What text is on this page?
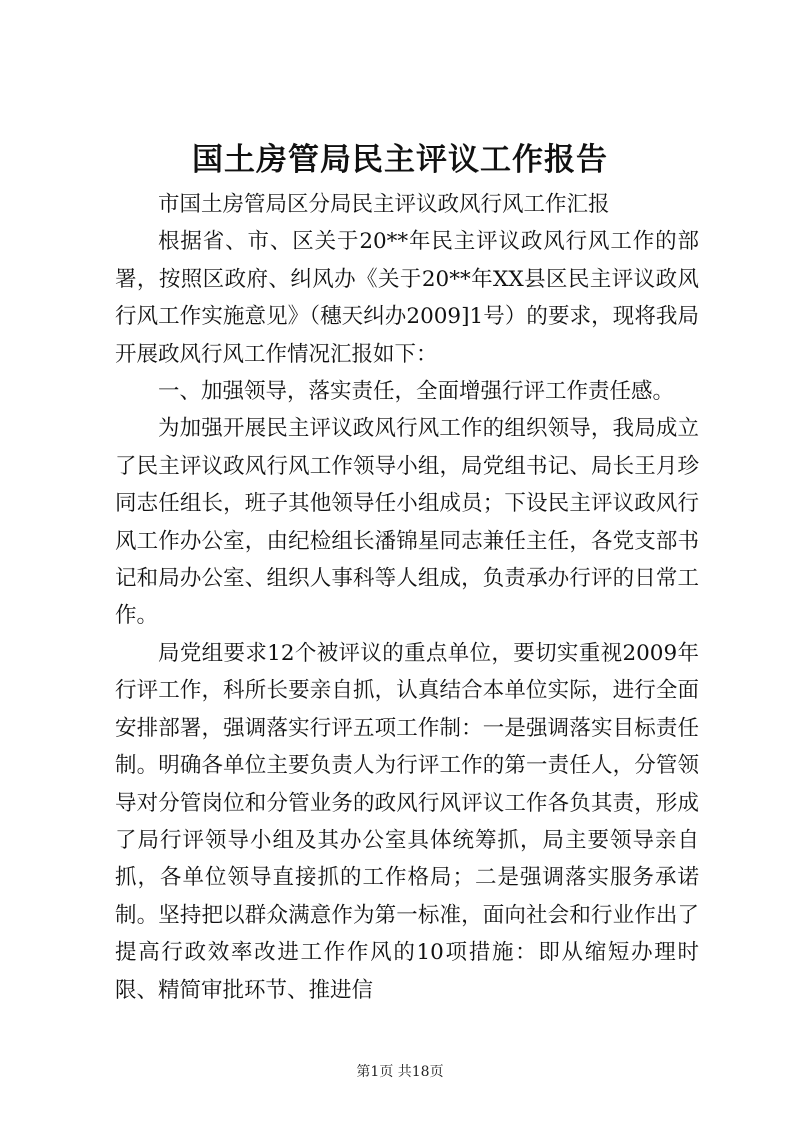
国土房管局民主评议工作报告

市国土房管局区分局民主评议政风行风工作汇报

根据省、市、区关于20**年民主评议政风行风工作的部署，按照区政府、纠风办《关于20**年XX县区民主评议政风行风工作实施意见》（穗天纠办2009]1号）的要求，现将我局开展政风行风工作情况汇报如下：

一、加强领导，落实责任，全面增强行评工作责任感。

为加强开展民主评议政风行风工作的组织领导，我局成立了民主评议政风行风工作领导小组，局党组书记、局长王月珍同志任组长，班子其他领导任小组成员；下设民主评议政风行风工作办公室，由纪检组长潘锦星同志兼任主任，各党支部书记和局办公室、组织人事科等人组成，负责承办行评的日常工作。

局党组要求12个被评议的重点单位，要切实重视2009年行评工作，科所长要亲自抓，认真结合本单位实际，进行全面安排部署，强调落实行评五项工作制：一是强调落实目标责任制。明确各单位主要负责人为行评工作的第一责任人，分管领导对分管岗位和分管业务的政风行风评议工作各负其责，形成了局行评领导小组及其办公室具体统筹抓，局主要领导亲自抓，各单位领导直接抓的工作格局；二是强调落实服务承诺制。坚持把以群众满意作为第一标准，面向社会和行业作出了提高行政效率改进工作作风的10项措施：即从缩短办理时限、精简审批环节、推进信

第1页 共18页
